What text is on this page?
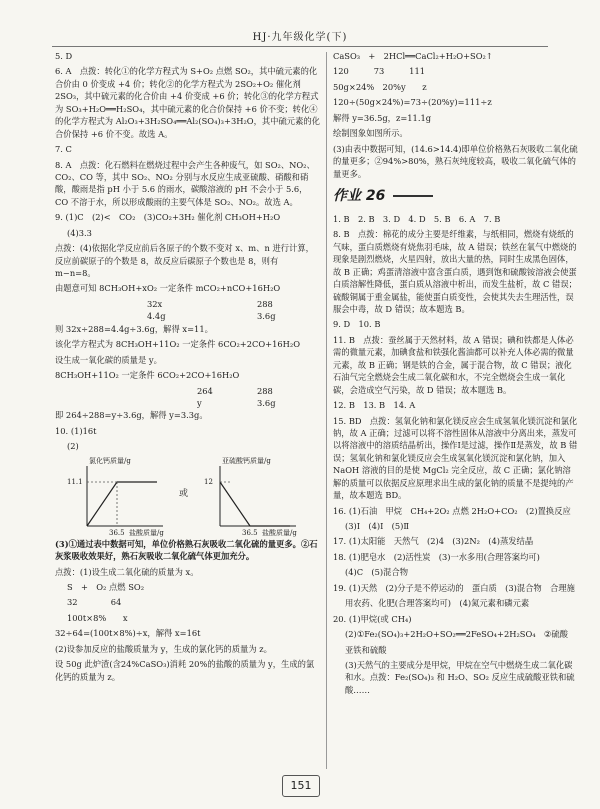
HJ·九年级化学(下)

5. D

6. A　点拨：转化①的化学方程式为 S+O₂ 点燃 SO₂，其中硫元素的化合价由 0 价变成 +4 价；转化②的化学方程式为 2SO₂+O₂ 催化剂 2SO₃，其中硫元素的化合价由 +4 价变成 +6 价；转化③的化学方程式为 SO₃+H₂O══H₂SO₄，其中硫元素的化合价保持 +6 价不变；转化④的化学方程式为 Al₂O₃+3H₂SO₄══Al₂(SO₄)₃+3H₂O，其中硫元素的化合价保持 +6 价不变。故选 A。

7. C

8. A　点拨：化石燃料在燃烧过程中会产生各种废气，如 SO₂、NO₂、CO₂、CO 等，其中 SO₂、NO₂ 分别与水反应生成亚硫酸、硝酸和硝酸，酸雨是指 pH 小于 5.6 的雨水，碳酸溶液的 pH 不会小于 5.6，CO 不溶于水，所以形成酸雨的主要气体是 SO₂、NO₂。故选 A。

9. (1)C　(2)<　CO₂　(3)CO₂+3H₂ 催化剂 CH₃OH+H₂O

(4)3.3

点拨：(4)依据化学反应前后各原子的个数不变对 x、m、n 进行计算，反应前碳原子的个数是 8，故反应后碳原子个数也是 8，则有 m−n=8。

由题意可知 8CH₃OH+xO₂ 一定条件 mCO₂+nCO+16H₂O

32x	288
4.4g	3.6g

则 32x÷288=4.4g÷3.6g，解得 x=11。

该化学方程式为 8CH₃OH+11O₂ 一定条件 6CO₂+2CO+16H₂O

设生成一氧化碳的质量是 y。

8CH₃OH+11O₂ 一定条件 6CO₂+2CO+16H₂O

264	288
y	3.6g

即 264÷288=y÷3.6g，解得 y=3.3g。

10. (1)16t

(2)

氯化钙质量/g
11.1
36.5 盐酸质量/g
或
亚硫酸钙质量/g
12
36.5 盐酸质量/g

(3)①通过表中数据可知，单位价格熟石灰吸收二氧化硫的量更多。②石灰浆吸收效果好，熟石灰吸收二氧化硫气体更加充分。

点拨：(1)设生成二氧化硫的质量为 x。

S　+　O₂ 点燃 SO₂

32　　　　64

100t×8%　　x

32÷64=(100t×8%)÷x，解得 x=16t

(2)设参加反应的盐酸质量为 y，生成的氯化钙的质量为 z。

设 50g 此炉渣(含24%CaSO₃)消耗 20%的盐酸的质量为 y，生成的氯化钙的质量为 z。

CaSO₃　+　2HCl══CaCl₂+H₂O+SO₂↑

120　　　73　　　111

50g×24%　20%y　　z

120÷(50g×24%)=73÷(20%y)=111÷z

解得 y=36.5g，z=11.1g

绘制图象如图所示。

(3)由表中数据可知，(14.6>14.4)即单位价格熟石灰吸收二氧化硫的量更多；②94%>80%，熟石灰纯度较高，吸收二氧化硫气体的量更多。

作业 26

1. B　2. B　3. D　4. D　5. B　6. A　7. B

8. B　点拨：棉花的成分主要是纤维素，与纸相同，燃烧有烧纸的气味，蛋白质燃烧有烧焦羽毛味，故 A 错误；铁丝在氧气中燃烧的现象是剧烈燃烧，火星四射，放出大量的热，同时生成黑色固体，故 B 正确；鸡蛋清溶液中富含蛋白质，遇到饱和硫酸铵溶液会使蛋白质溶解性降低，蛋白质从溶液中析出，而发生盐析，故 C 错误；硫酸铜属于重金属盐，能使蛋白质变性，会使其失去生理活性，误服会中毒，故 D 错误；故本题选 B。

9. D　10. B

11. B　点拨：蚕丝属于天然材料，故 A 错误；碘和铁都是人体必需的微量元素，加碘食盐和铁强化酱油都可以补充人体必需的微量元素，故 B 正确；钢是铁的合金，属于混合物，故 C 错误；液化石油气完全燃烧会生成二氧化碳和水，不完全燃烧会生成一氧化碳，会造成空气污染，故 D 错误；故本题选 B。

12. B　13. B　14. A

15. BD　点拨：氢氧化钠和氯化镁反应会生成氢氧化镁沉淀和氯化钠，故 A 正确；过滤可以将不溶性固体从溶液中分离出来，蒸发可以将溶液中的溶质结晶析出，操作Ⅰ是过滤，操作Ⅱ是蒸发，故 B 错误；氢氧化钠和氯化镁反应会生成氢氧化镁沉淀和氯化钠，加入 NaOH 溶液的目的是使 MgCl₂ 完全反应，故 C 正确；氯化钠溶解的质量可以依据反应原理求出生成的氯化钠的质量不是提纯的产量，故本题选 BD。

16. (1)石油　甲烷　CH₄+2O₂ 点燃 2H₂O+CO₂　(2)置换反应

(3)Ⅰ　(4)Ⅰ　(5)Ⅱ

17. (1)太阳能　天然气　(2)4　(3)2N₂　(4)蒸发结晶

18. (1)肥皂水　(2)活性炭　(3)一水多用(合理答案均可)

(4)C　(5)混合物

19. (1)天然　(2)分子是不停运动的　蛋白质　(3)混合物　合理施

用农药、化肥(合理答案均可)　(4)氮元素和磷元素

20. (1)甲烷(或 CH₄)

(2)①Fe₂(SO₄)₃+2H₂O+SO₂══2FeSO₄+2H₂SO₄　②硫酸

亚铁和硫酸

(3)天然气的主要成分是甲烷，甲烷在空气中燃烧生成二氧化碳和水。点拨：Fe₂(SO₄)₃ 和 H₂O、SO₂ 反应生成硫酸亚铁和硫酸……

151
